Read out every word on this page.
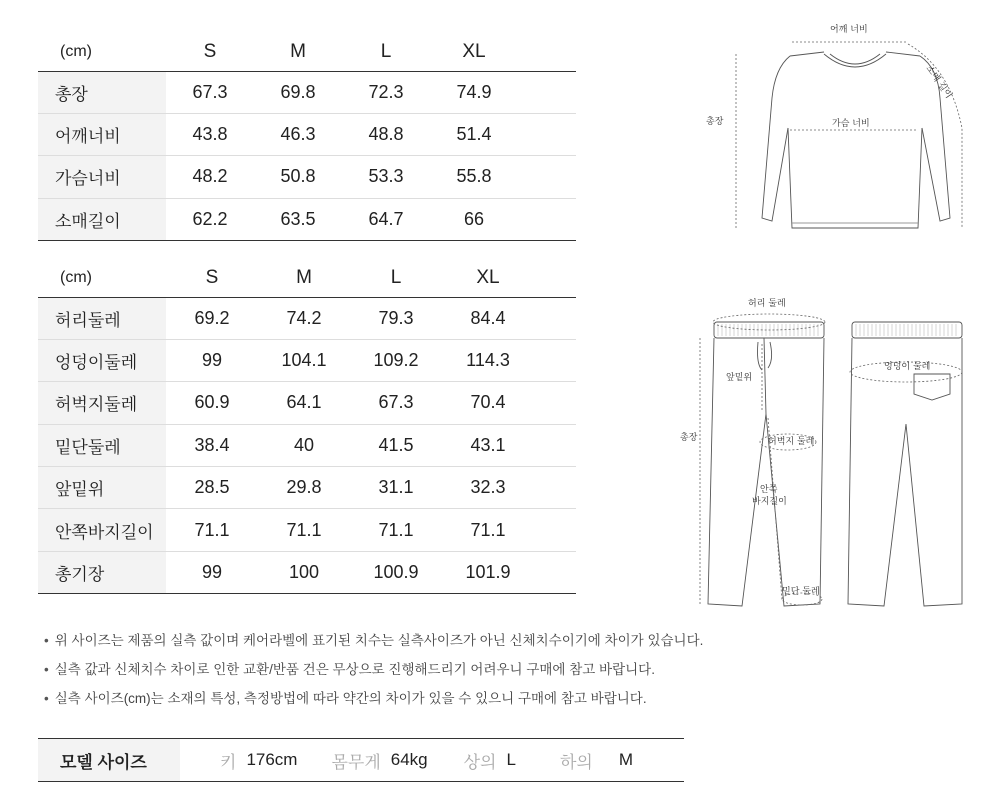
(cm)	S	M	L	XL	
총장	67.3	69.8	72.3	74.9	
어깨너비	43.8	46.3	48.8	51.4	
가슴너비	48.2	50.8	53.3	55.8	
소매길이	62.2	63.5	64.7	66	
(cm)	S	M	L	XL	
허리둘레	69.2	74.2	79.3	84.4	
엉덩이둘레	99	104.1	109.2	114.3	
허벅지둘레	60.9	64.1	67.3	70.4	
밑단둘레	38.4	40	41.5	43.1	
앞밑위	28.5	29.8	31.1	32.3	
안쪽바지길이	71.1	71.1	71.1	71.1	
총기장	99	100	100.9	101.9	
어깨 너비
소매 길이
총장	가슴 너비
허리 둘레
엉덩이 둘레
앞밑위
총장	허벅지 둘레
안쪽
바지길이
밑단 둘레
• 위 사이즈는 제품의 실측 값이며 케어라벨에 표기된 치수는 실측사이즈가 아닌 신체치수이기에 차이가 있습니다.
• 실측 값과 신체치수 차이로 인한 교환/반품 건은 무상으로 진행해드리기 어려우니 구매에 참고 바랍니다.
• 실측 사이즈(cm)는 소재의 특성, 측정방법에 따라 약간의 차이가 있을 수 있으니 구매에 참고 바랍니다.
모델 사이즈	키 176cm 몸무게 64kg 상의 L	하의 M
